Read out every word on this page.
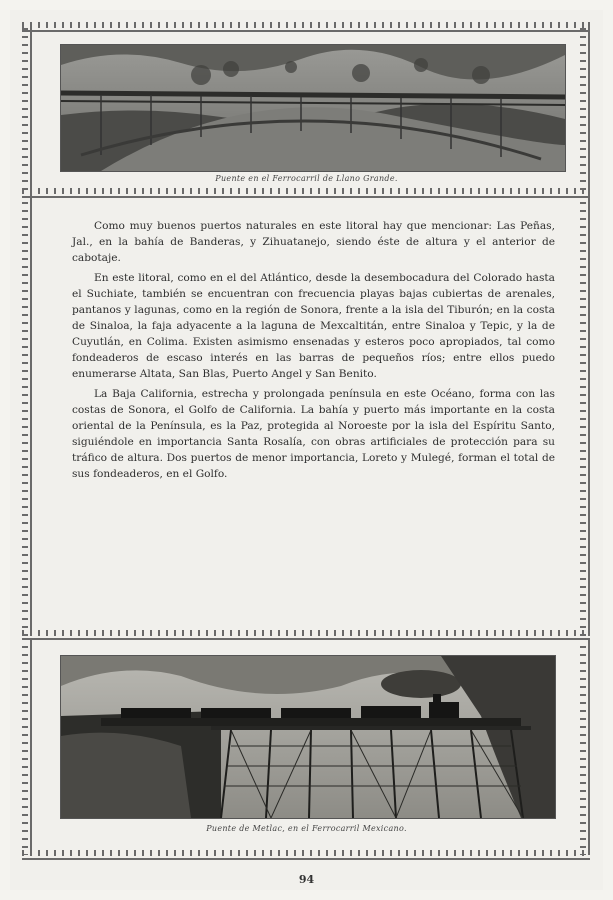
Puente en el Ferrocarril de Llano Grande.

Como muy buenos puertos naturales en este litoral hay que mencionar: Las Peñas, Jal., en la bahía de Banderas, y Zihuatanejo, siendo éste de altura y el anterior de cabotaje.

En este litoral, como en el del Atlántico, desde la desembocadura del Colorado hasta el Suchiate, también se encuentran con frecuencia playas bajas cubiertas de arenales, pantanos y lagunas, como en la región de Sonora, frente a la isla del Tiburón; en la costa de Sinaloa, la faja adyacente a la laguna de Mexcaltitán, entre Sinaloa y Tepic, y la de Cuyutlán, en Colima. Existen asimismo ensenadas y esteros poco apropiados, tal como fondeaderos de escaso interés en las barras de pequeños ríos; entre ellos puedo enumerarse Altata, San Blas, Puerto Angel y San Benito.

La Baja California, estrecha y prolongada península en este Océano, forma con las costas de Sonora, el Golfo de California. La bahía y puerto más importante en la costa oriental de la Península, es la Paz, protegida al Noroeste por la isla del Espíritu Santo, siguiéndole en importancia Santa Rosalía, con obras artificiales de protección para su tráfico de altura. Dos puertos de menor importancia, Loreto y Mulegé, forman el total de sus fondeaderos, en el Golfo.

Puente de Metlac, en el Ferrocarril Mexicano.
94
